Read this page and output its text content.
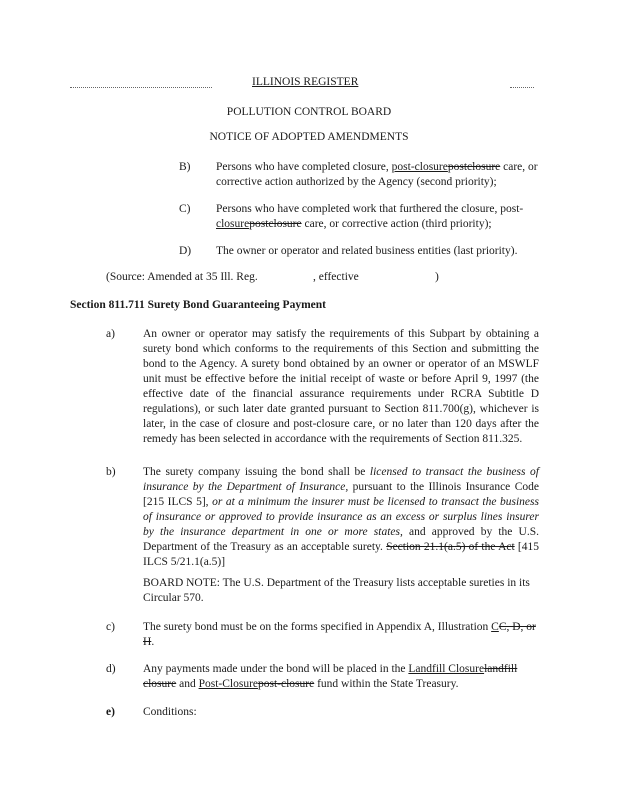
ILLINOIS REGISTER
POLLUTION CONTROL BOARD
NOTICE OF ADOPTED AMENDMENTS
B) Persons who have completed closure, post-closurepostclosure care, or corrective action authorized by the Agency (second priority);
C) Persons who have completed work that furthered the closure, post-closurepostclosure care, or corrective action (third priority);
D) The owner or operator and related business entities (last priority).
(Source: Amended at 35 Ill. Reg.	, effective	)
Section 811.711 Surety Bond Guaranteeing Payment
a) An owner or operator may satisfy the requirements of this Subpart by obtaining a surety bond which conforms to the requirements of this Section and submitting the bond to the Agency. A surety bond obtained by an owner or operator of an MSWLF unit must be effective before the initial receipt of waste or before April 9, 1997 (the effective date of the financial assurance requirements under RCRA Subtitle D regulations), or such later date granted pursuant to Section 811.700(g), whichever is later, in the case of closure and post-closure care, or no later than 120 days after the remedy has been selected in accordance with the requirements of Section 811.325.
b) The surety company issuing the bond shall be licensed to transact the business of insurance by the Department of Insurance, pursuant to the Illinois Insurance Code [215 ILCS 5], or at a minimum the insurer must be licensed to transact the business of insurance or approved to provide insurance as an excess or surplus lines insurer by the insurance department in one or more states, and approved by the U.S. Department of the Treasury as an acceptable surety. Section 21.1(a.5) of the Act [415 ILCS 5/21.1(a.5)]
BOARD NOTE: The U.S. Department of the Treasury lists acceptable sureties in its Circular 570.
c) The surety bond must be on the forms specified in Appendix A, Illustration CC, D, or H.
d) Any payments made under the bond will be placed in the Landfill Closurelandfill closure and Post-Closurepost-closure fund within the State Treasury.
e) Conditions:
